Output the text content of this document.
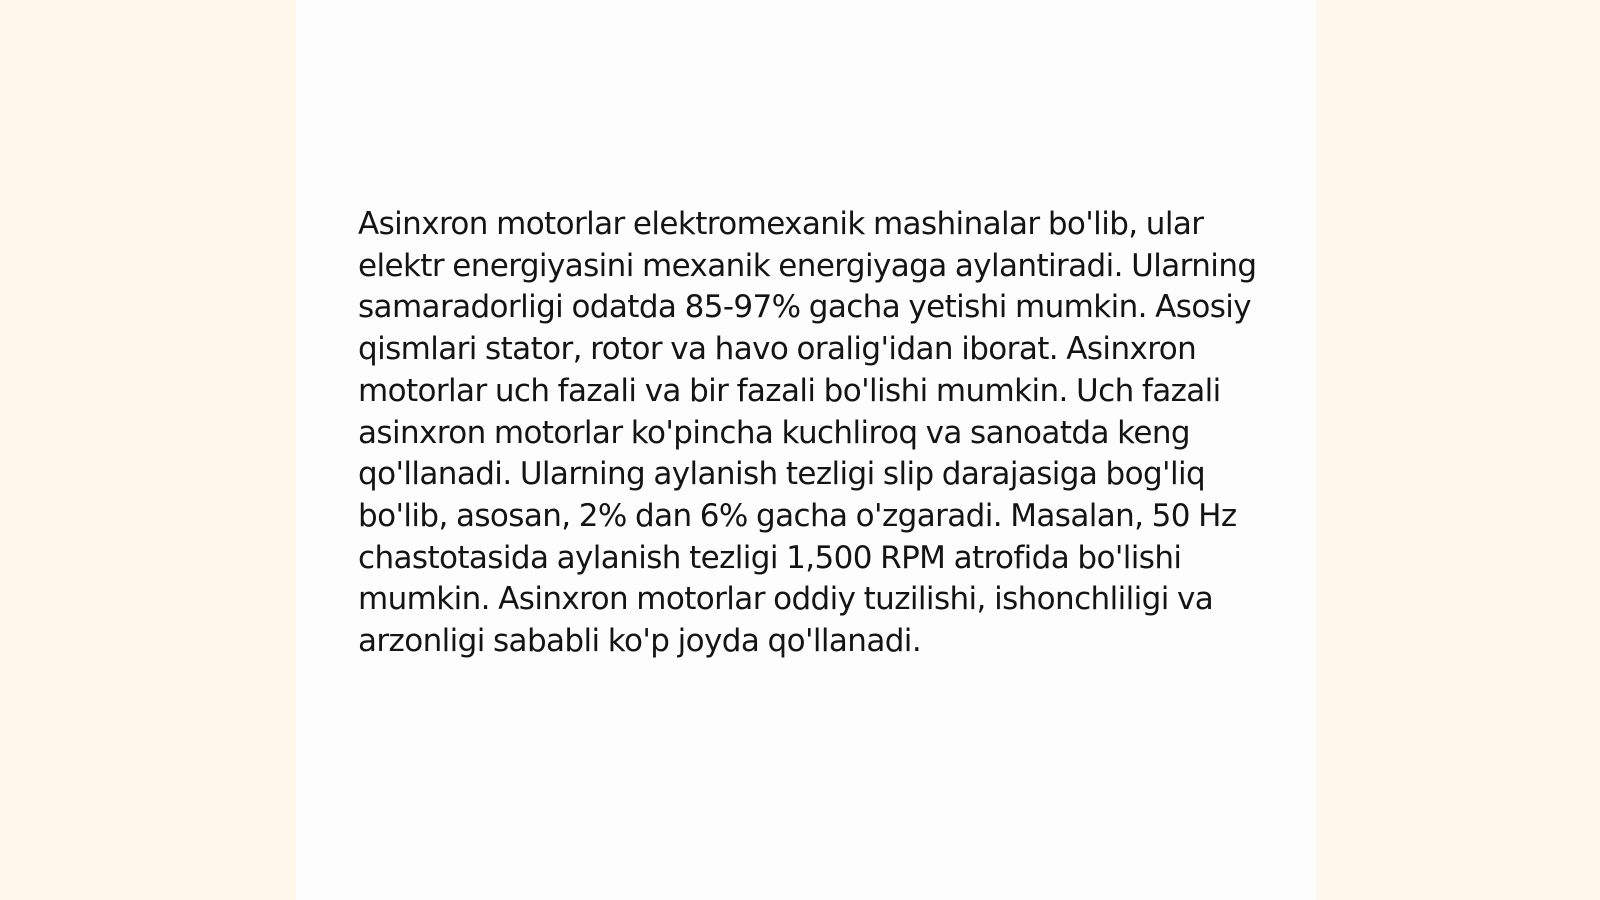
Asinxron motorlar elektromexanik mashinalar bo'lib, ular elektr energiyasini mexanik energiyaga aylantiradi. Ularning samaradorligi odatda 85-97% gacha yetishi mumkin. Asosiy qismlari stator, rotor va havo oralig'idan iborat. Asinxron motorlar uch fazali va bir fazali bo'lishi mumkin. Uch fazali asinxron motorlar ko'pincha kuchliroq va sanoatda keng qo'llanadi. Ularning aylanish tezligi slip darajasiga bog'liq bo'lib, asosan, 2% dan 6% gacha o'zgaradi. Masalan, 50 Hz chastotasida aylanish tezligi 1,500 RPM atrofida bo'lishi mumkin. Asinxron motorlar oddiy tuzilishi, ishonchliligi va arzonligi sababli ko'p joyda qo'llanadi.
